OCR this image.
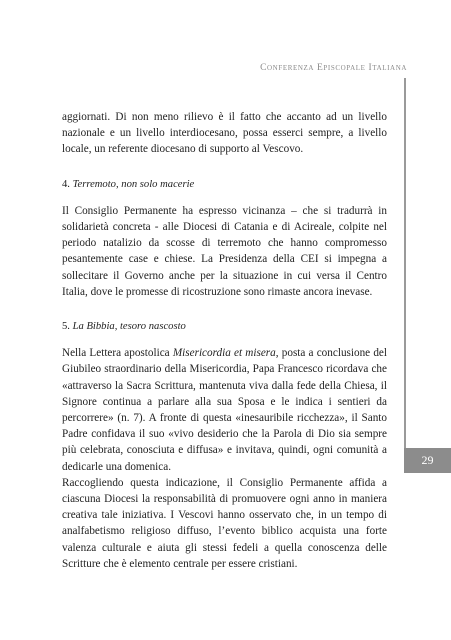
Conferenza Episcopale Italiana
29

aggiornati. Di non meno rilievo è il fatto che accanto ad un livello nazionale e un livello interdiocesano, possa esserci sempre, a livello locale, un referente diocesano di supporto al Vescovo.

4. Terremoto, non solo macerie

Il Consiglio Permanente ha espresso vicinanza – che si tradurrà in solidarietà concreta - alle Diocesi di Catania e di Acireale, colpite nel periodo natalizio da scosse di terremoto che hanno compromesso pesantemente case e chiese. La Presidenza della CEI si impegna a sollecitare il Governo anche per la situazione in cui versa il Centro Italia, dove le promesse di ricostruzione sono rimaste ancora inevase.

5. La Bibbia, tesoro nascosto

Nella Lettera apostolica Misericordia et misera, posta a conclusione del Giubileo straordinario della Misericordia, Papa Francesco ricordava che «attraverso la Sacra Scrittura, mantenuta viva dalla fede della Chiesa, il Signore continua a parlare alla sua Sposa e le indica i sentieri da percorrere» (n. 7). A fronte di questa «inesauribile ricchezza», il Santo Padre confidava il suo «vivo desiderio che la Parola di Dio sia sempre più celebrata, conosciuta e diffusa» e invitava, quindi, ogni comunità a dedicarle una domenica.

Raccogliendo questa indicazione, il Consiglio Permanente affida a ciascuna Diocesi la responsabilità di promuovere ogni anno in maniera creativa tale iniziativa. I Vescovi hanno osservato che, in un tempo di analfabetismo religioso diffuso, l’evento biblico acquista una forte valenza culturale e aiuta gli stessi fedeli a quella conoscenza delle Scritture che è elemento centrale per essere cristiani.
